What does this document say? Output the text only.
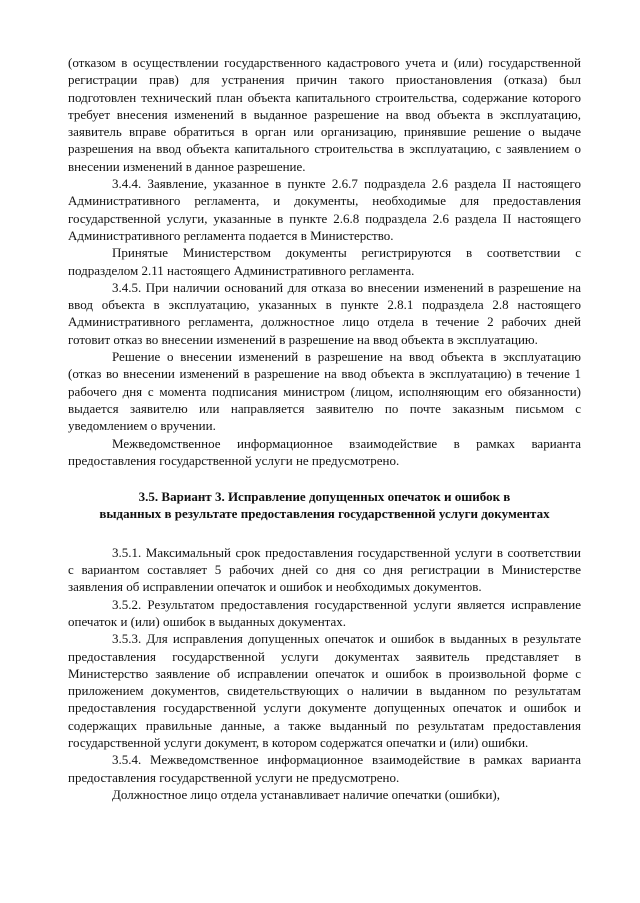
(отказом в осуществлении государственного кадастрового учета и (или) государственной регистрации прав) для устранения причин такого приостановления (отказа) был подготовлен технический план объекта капитального строительства, содержание которого требует внесения изменений в выданное разрешение на ввод объекта в эксплуатацию, заявитель вправе обратиться в орган или организацию, принявшие решение о выдаче разрешения на ввод объекта капитального строительства в эксплуатацию, с заявлением о внесении изменений в данное разрешение.

3.4.4. Заявление, указанное в пункте 2.6.7 подраздела 2.6 раздела II настоящего Административного регламента, и документы, необходимые для предоставления государственной услуги, указанные в пункте 2.6.8 подраздела 2.6 раздела II настоящего Административного регламента подается в Министерство.

Принятые Министерством документы регистрируются в соответствии с подразделом 2.11 настоящего Административного регламента.

3.4.5. При наличии оснований для отказа во внесении изменений в разрешение на ввод объекта в эксплуатацию, указанных в пункте 2.8.1 подраздела 2.8 настоящего Административного регламента, должностное лицо отдела в течение 2 рабочих дней готовит отказ во внесении изменений в разрешение на ввод объекта в эксплуатацию.

Решение о внесении изменений в разрешение на ввод объекта в эксплуатацию (отказ во внесении изменений в разрешение на ввод объекта в эксплуатацию) в течение 1 рабочего дня с момента подписания министром (лицом, исполняющим его обязанности) выдается заявителю или направляется заявителю по почте заказным письмом с уведомлением о вручении.

Межведомственное информационное взаимодействие в рамках варианта предоставления государственной услуги не предусмотрено.

3.5. Вариант 3. Исправление допущенных опечаток и ошибок в
выданных в результате предоставления государственной услуги документах

3.5.1. Максимальный срок предоставления государственной услуги в соответствии с вариантом составляет 5 рабочих дней со дня со дня регистрации в Министерстве заявления об исправлении опечаток и ошибок и необходимых документов.

3.5.2. Результатом предоставления государственной услуги является исправление опечаток и (или) ошибок в выданных документах.

3.5.3. Для исправления допущенных опечаток и ошибок в выданных в результате предоставления государственной услуги документах заявитель представляет в Министерство заявление об исправлении опечаток и ошибок в произвольной форме с приложением документов, свидетельствующих о наличии в выданном по результатам предоставления государственной услуги документе допущенных опечаток и ошибок и содержащих правильные данные, а также выданный по результатам предоставления государственной услуги документ, в котором содержатся опечатки и (или) ошибки.

3.5.4. Межведомственное информационное взаимодействие в рамках варианта предоставления государственной услуги не предусмотрено.

Должностное лицо отдела устанавливает наличие опечатки (ошибки),
